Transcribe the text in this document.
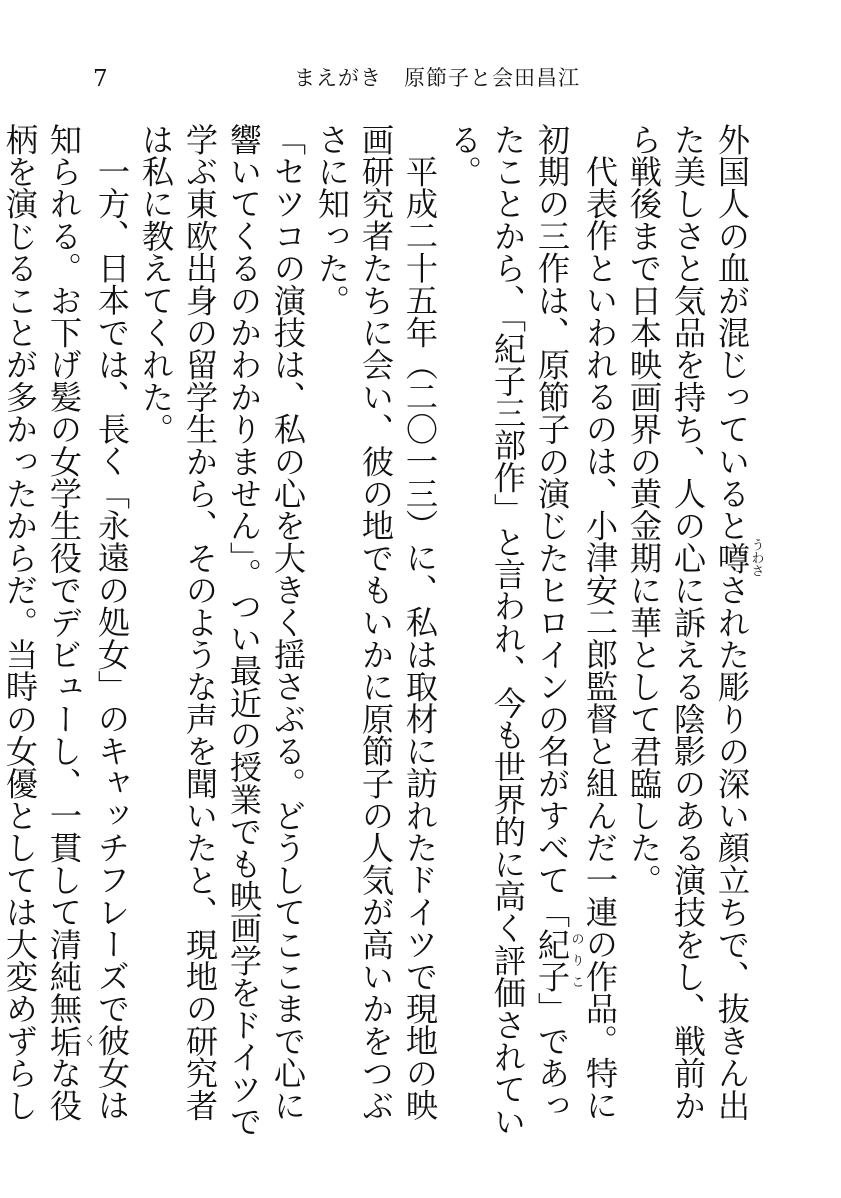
7	まえがき　原節子と会田昌江

外国人の血が混じっていると噂うわさされた彫りの深い顔立ちで、抜きん出た美しさと気品を持ち、人の心に訴える陰影のある演技をし、戦前から戦後まで日本映画界の黄金期に華として君臨した。

代表作といわれるのは、小津安二郎監督と組んだ一連の作品。特に初期の三作は、原節子の演じたヒロインの名がすべて「紀子のりこ」であったことから、「紀子三部作」と言われ、今も世界的に高く評価されている。

平成二十五年（二〇一三）に、私は取材に訪れたドイツで現地の映画研究者たちに会い、彼の地でもいかに原節子の人気が高いかをつぶさに知った。

「セツコの演技は、私の心を大きく揺さぶる。どうしてここまで心に響いてくるのかわかりません」。つい最近の授業でも映画学をドイツで学ぶ東欧出身の留学生から、そのような声を聞いたと、現地の研究者は私に教えてくれた。

一方、日本では、長く「永遠の処女」のキャッチフレーズで彼女は知られる。お下げ髪の女学生役でデビューし、一貫して清純無垢くな役柄を演じることが多かったからだ。当時の女優としては大変めずらし
